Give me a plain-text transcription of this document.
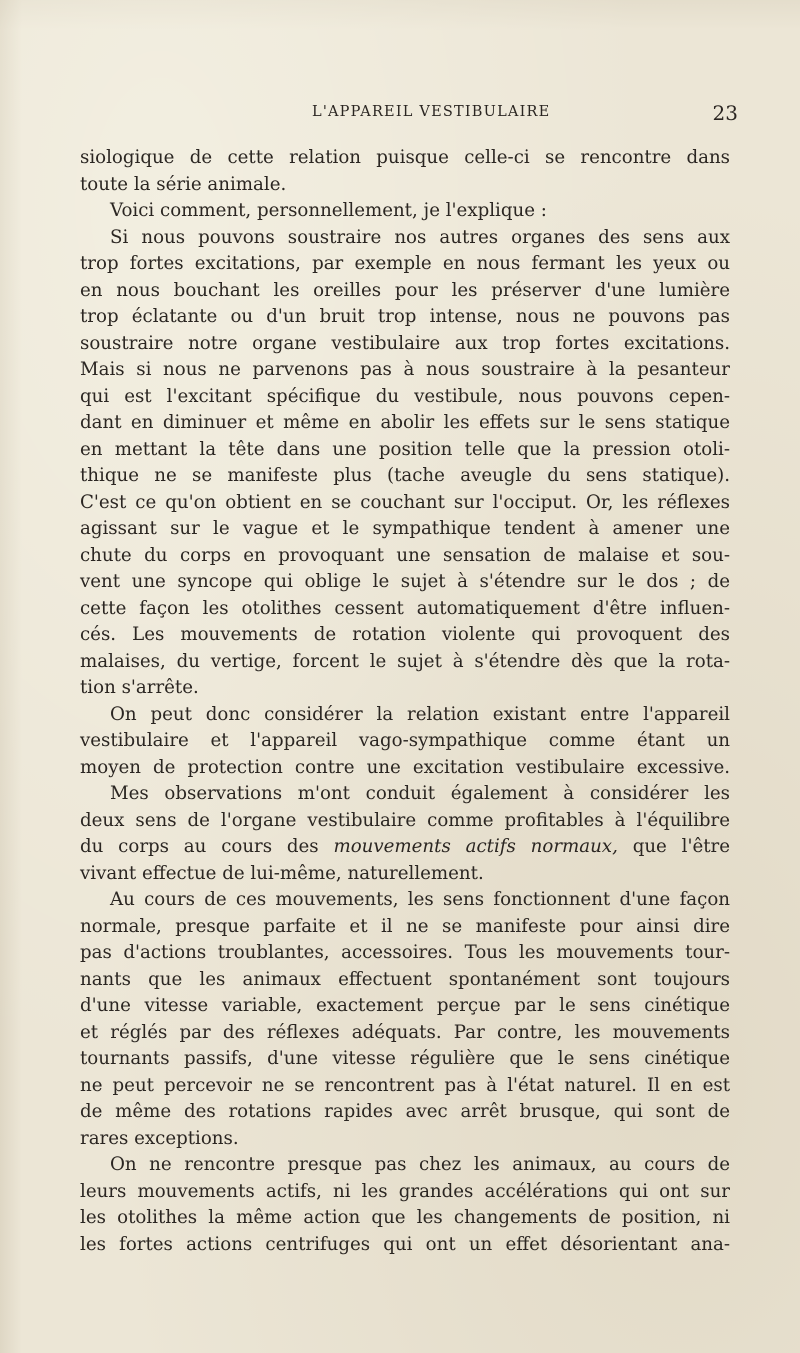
L'APPAREIL VESTIBULAIRE	23
siologique de cette relation puisque celle-ci se rencontre dans
toute la série animale.
Voici comment, personnellement, je l'explique :
Si nous pouvons soustraire nos autres organes des sens aux
trop fortes excitations, par exemple en nous fermant les yeux ou
en nous bouchant les oreilles pour les préserver d'une lumière
trop éclatante ou d'un bruit trop intense, nous ne pouvons pas
soustraire notre organe vestibulaire aux trop fortes excitations.
Mais si nous ne parvenons pas à nous soustraire à la pesanteur
qui est l'excitant spécifique du vestibule, nous pouvons cepen-
dant en diminuer et même en abolir les effets sur le sens statique
en mettant la tête dans une position telle que la pression otoli-
thique ne se manifeste plus (tache aveugle du sens statique).
C'est ce qu'on obtient en se couchant sur l'occiput. Or, les réflexes
agissant sur le vague et le sympathique tendent à amener une
chute du corps en provoquant une sensation de malaise et sou-
vent une syncope qui oblige le sujet à s'étendre sur le dos ; de
cette façon les otolithes cessent automatiquement d'être influen-
cés. Les mouvements de rotation violente qui provoquent des
malaises, du vertige, forcent le sujet à s'étendre dès que la rota-
tion s'arrête.
On peut donc considérer la relation existant entre l'appareil
vestibulaire et l'appareil vago-sympathique comme étant un
moyen de protection contre une excitation vestibulaire excessive.
Mes observations m'ont conduit également à considérer les
deux sens de l'organe vestibulaire comme profitables à l'équilibre
du corps au cours des mouvements actifs normaux, que l'être
vivant effectue de lui-même, naturellement.
Au cours de ces mouvements, les sens fonctionnent d'une façon
normale, presque parfaite et il ne se manifeste pour ainsi dire
pas d'actions troublantes, accessoires. Tous les mouvements tour-
nants que les animaux effectuent spontanément sont toujours
d'une vitesse variable, exactement perçue par le sens cinétique
et réglés par des réflexes adéquats. Par contre, les mouvements
tournants passifs, d'une vitesse régulière que le sens cinétique
ne peut percevoir ne se rencontrent pas à l'état naturel. Il en est
de même des rotations rapides avec arrêt brusque, qui sont de
rares exceptions.
On ne rencontre presque pas chez les animaux, au cours de
leurs mouvements actifs, ni les grandes accélérations qui ont sur
les otolithes la même action que les changements de position, ni
les fortes actions centrifuges qui ont un effet désorientant ana-
